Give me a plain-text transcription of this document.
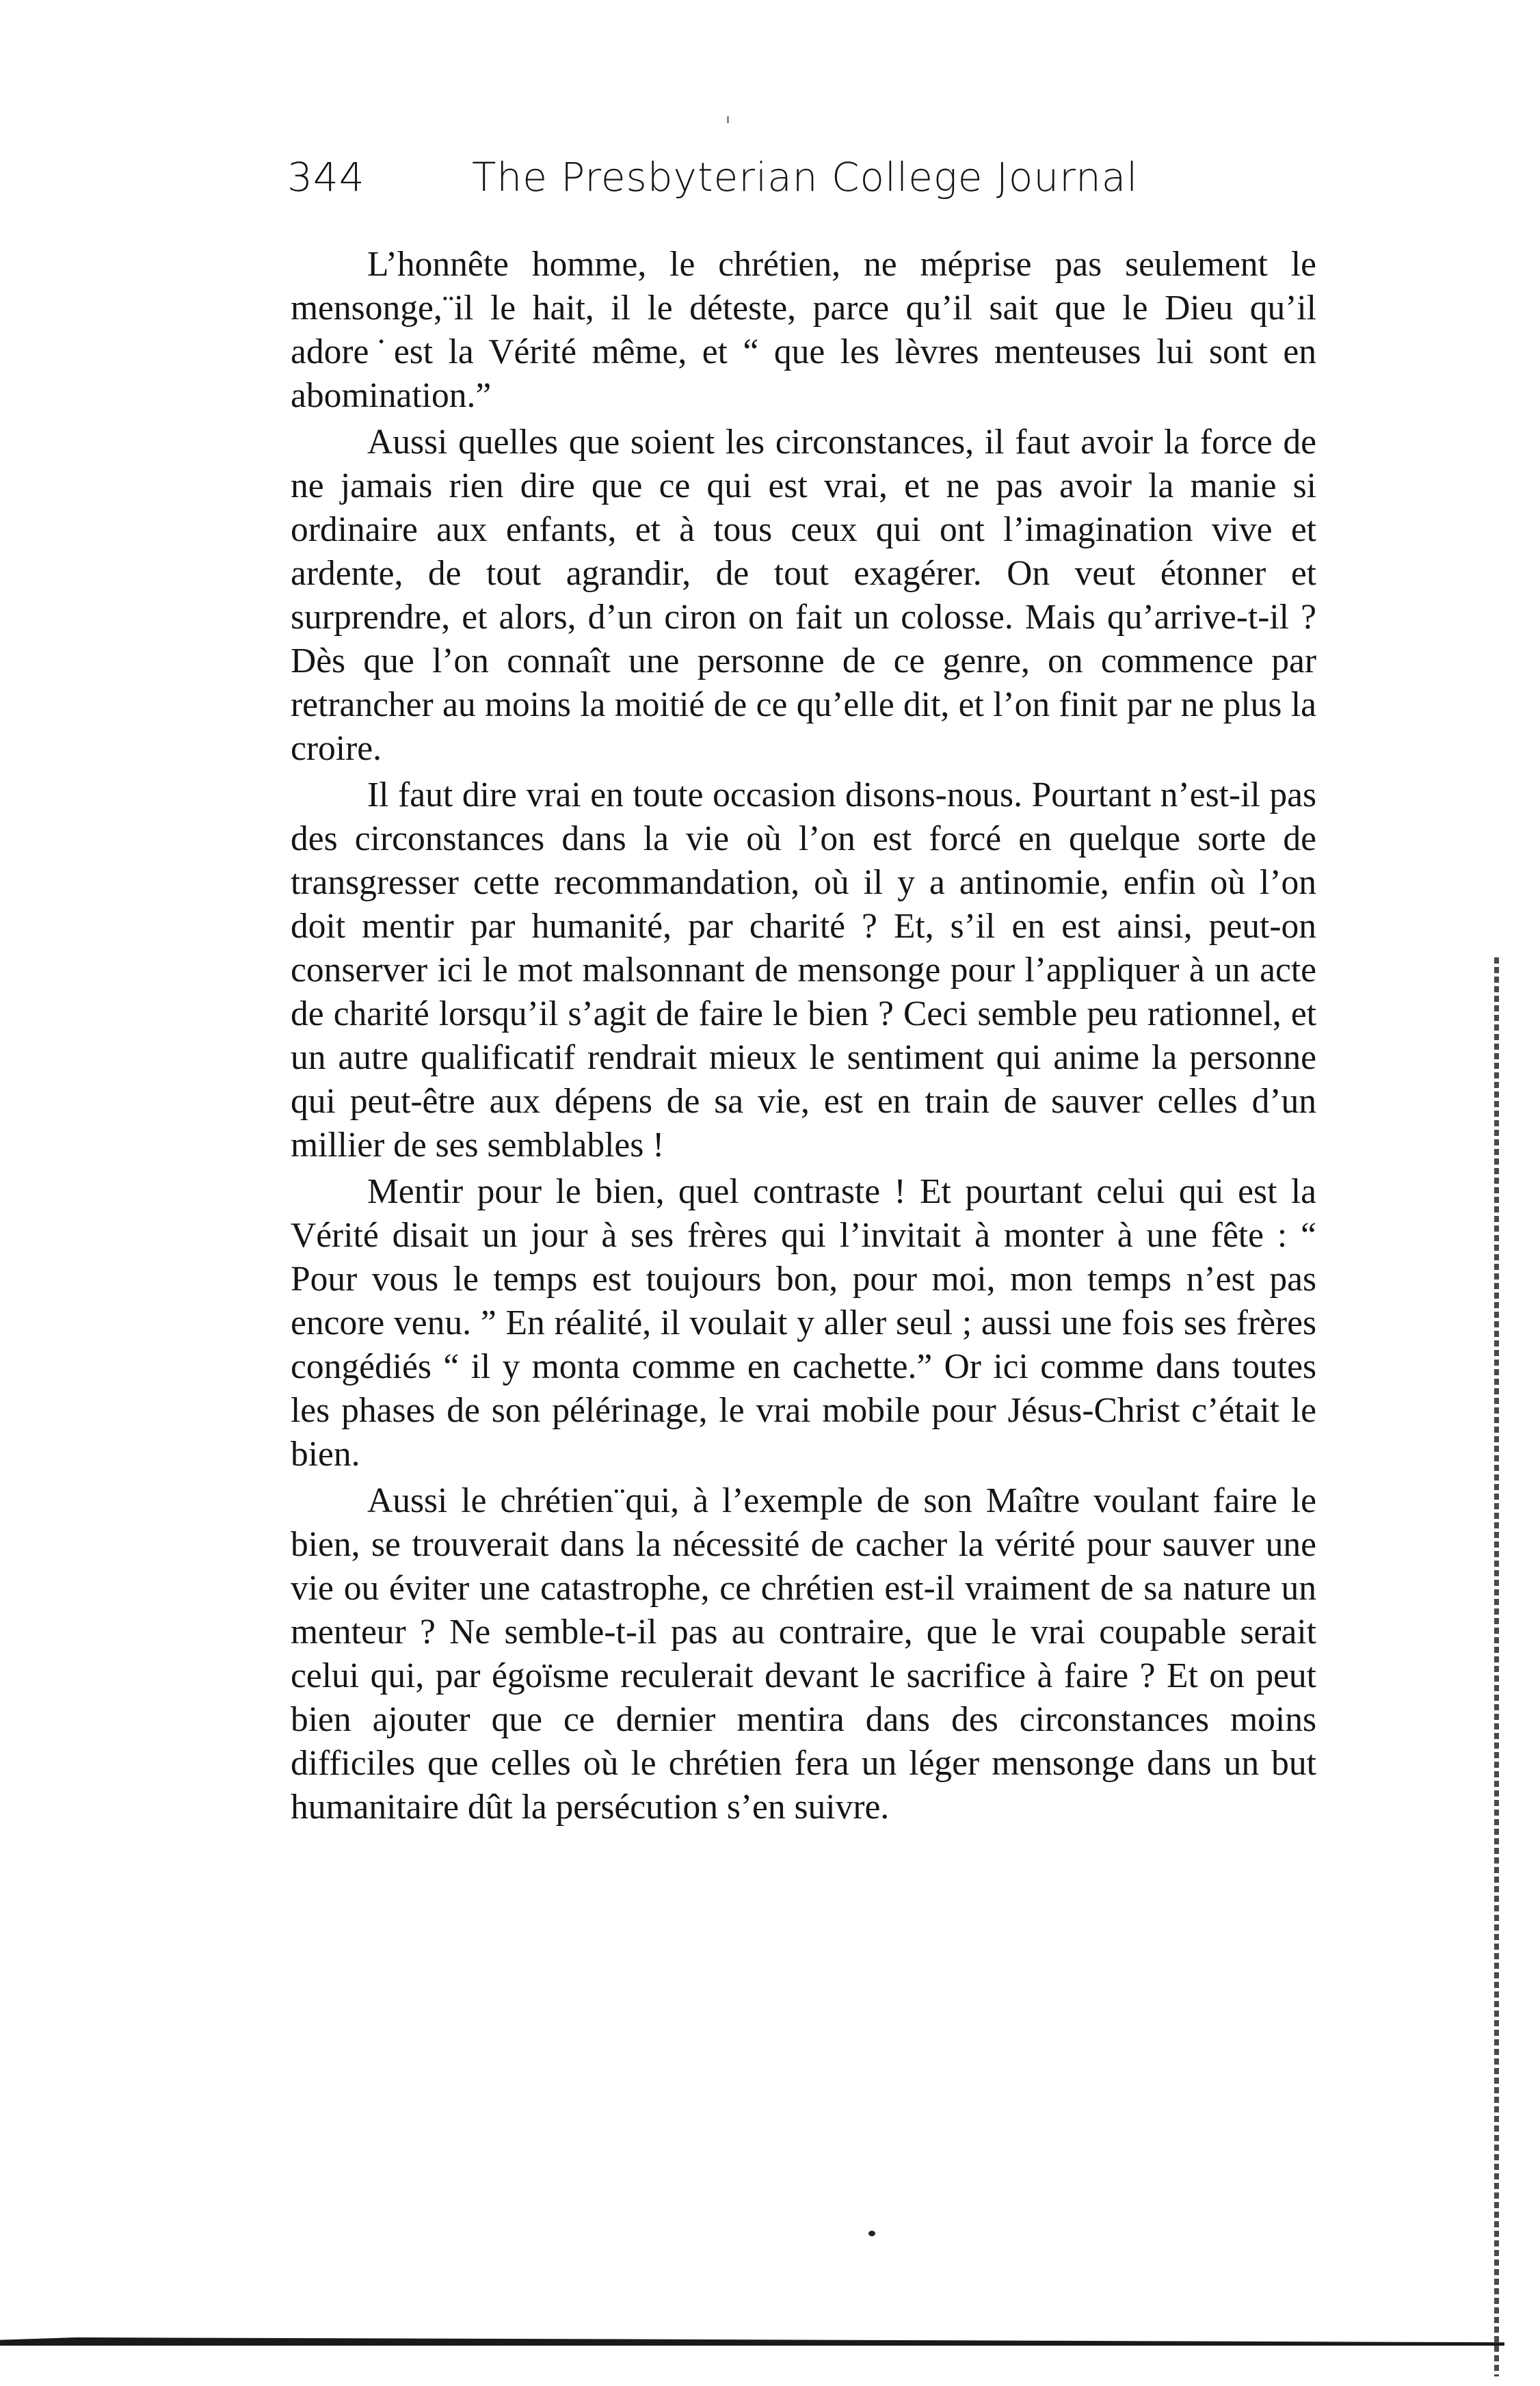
344	The Presbyterian College Journal

L’honnête homme, le chrétien, ne méprise pas seulement le mensonge,¨il le hait, il le déteste, parce qu’il sait que le Dieu qu’il adore˙est la Vérité même, et “ que les lèvres menteuses lui sont en abomination.”

Aussi quelles que soient les circonstances, il faut avoir la force de ne jamais rien dire que ce qui est vrai, et ne pas avoir la manie si ordinaire aux enfants, et à tous ceux qui ont l’imagination vive et ardente, de tout agrandir, de tout exagérer. On veut étonner et surprendre, et alors, d’un ciron on fait un colosse. Mais qu’arrive-t-il ? Dès que l’on connaît une personne de ce genre, on commence par retrancher au moins la moitié de ce qu’elle dit, et l’on finit par ne plus la croire.

Il faut dire vrai en toute occasion disons-nous. Pourtant n’est-il pas des circonstances dans la vie où l’on est forcé en quelque sorte de transgresser cette recommandation, où il y a antinomie, enfin où l’on doit mentir par humanité, par charité ? Et, s’il en est ainsi, peut-on conserver ici le mot malsonnant de mensonge pour l’appliquer à un acte de charité lorsqu’il s’agit de faire le bien ? Ceci semble peu rationnel, et un autre qualificatif rendrait mieux le sentiment qui anime la personne qui peut-être aux dépens de sa vie, est en train de sauver celles d’un millier de ses semblables !

Mentir pour le bien, quel contraste ! Et pourtant celui qui est la Vérité disait un jour à ses frères qui l’invitait à monter à une fête : “ Pour vous le temps est toujours bon, pour moi, mon temps n’est pas encore venu. ” En réalité, il voulait y aller seul ; aussi une fois ses frères congédiés “ il y monta comme en cachette.” Or ici comme dans toutes les phases de son pélérinage, le vrai mobile pour Jésus-Christ c’était le bien.

Aussi le chrétien¨qui, à l’exemple de son Maître voulant faire le bien, se trouverait dans la nécessité de cacher la vérité pour sauver une vie ou éviter une catastrophe, ce chrétien est-il vraiment de sa nature un menteur ? Ne semble-t-il pas au contraire, que le vrai coupable serait celui qui, par égoïsme reculerait devant le sacrifice à faire ? Et on peut bien ajouter que ce dernier mentira dans des circonstances moins difficiles que celles où le chrétien fera un léger mensonge dans un but humanitaire dût la persécution s’en suivre.
